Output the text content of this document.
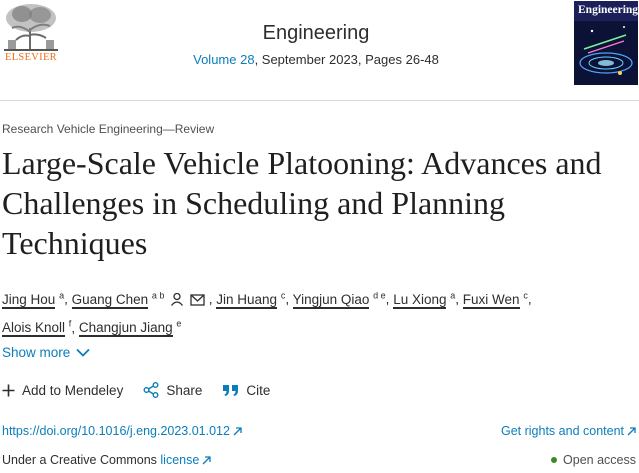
ELSEVIER
Engineering
Volume 28, September 2023, Pages 26-48
Engineering
Research Vehicle Engineering—Review
Large-Scale Vehicle Platooning: Advances and Challenges in Scheduling and Planning Techniques
Jing Hou $^a$, Guang Chen $^{a b}$	, Jin Huang $^c$, Yingjun Qiao $^{d e}$, Lu Xiong $^a$, Fuxi Wen $^c$,
Alois Knoll $^f$, Changjun Jiang $^e$
Show more
Add to Mendeley	Share	Cite
https://doi.org/10.1016/j.eng.2023.01.012	Get rights and content
Under a Creative Commons license	Open access
